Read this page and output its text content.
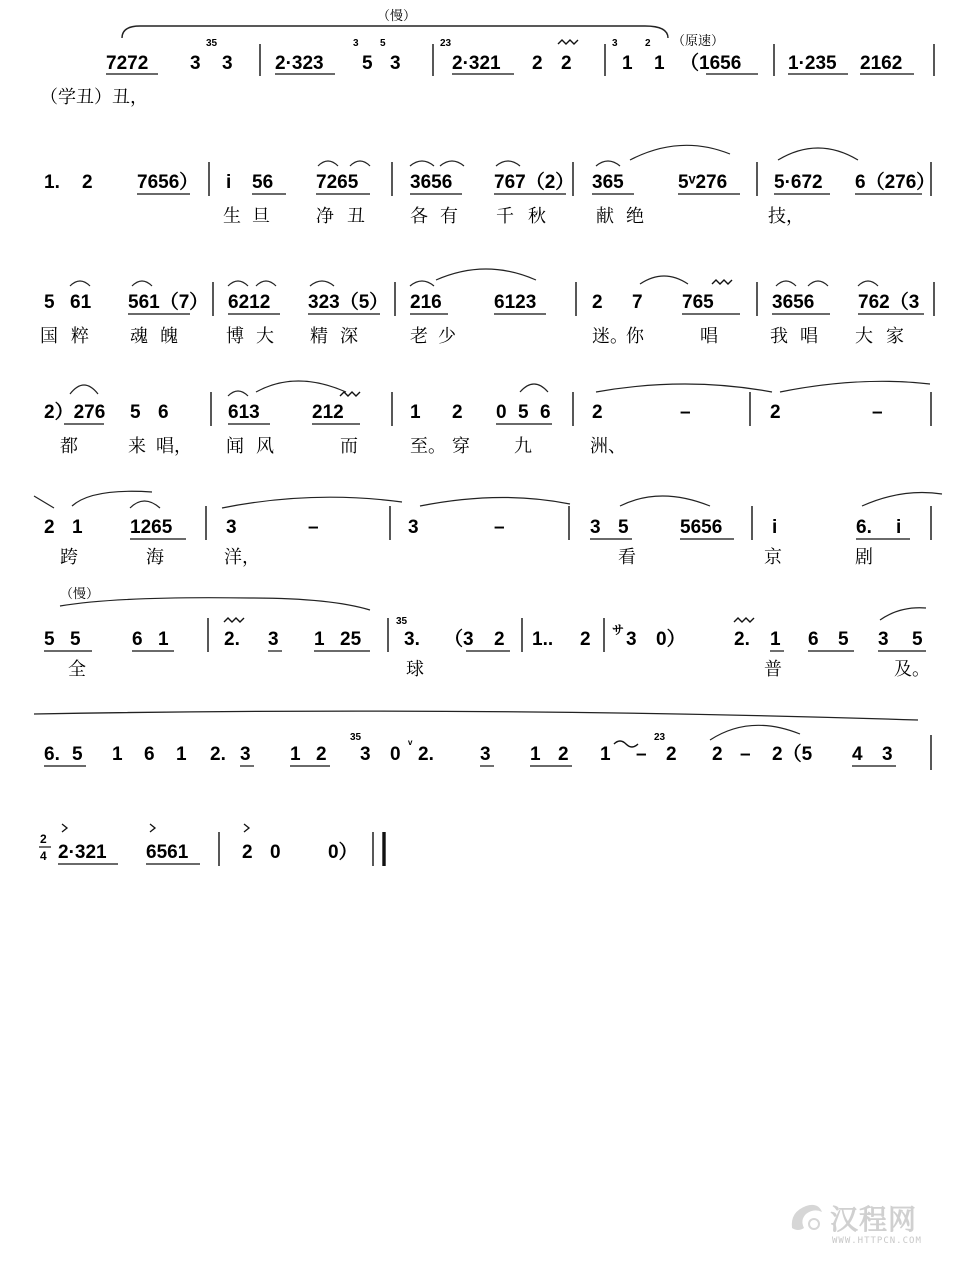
（慢）
7272
35
3 3 2·323
3
5
5
3
23
2·321 2 2
3
1
2
1
（原速）
（1656 1·235 2162
（学丑）丑，
1. 2 7656） i 56 7265	3656 767（2） 365	5ᵛ276 5·672 6（276）
生 旦	净 丑	各 有 千 秋	献 绝	技，
5 61 561（7） 6212 323（5） 216	6123	2 7 765	3656 762（3
国 粹 魂 魄	博 大 精 深	老 少	迷。
你	唱	我 唱 大 家
2）276 5 6	613	212	1 2 0 5 6 2	–	2	–
都	来 唱， 闻 风	而	至。 穿 九	洲、
2 1 1265	3	–	3	–	3 5	5656	i	6. i
跨	海	洋，	看	京	剧
（慢）
5 5	6 1	2. 3 1 25
35
3. （3 2 1.. 2 サ 3 0）	2. 1 6 5 3 5
全	球	普	及。
6. 5 1 6 1 2. 3 1 2
35
3 0 ᵛ 2. 3 1 2 1 –
23
2 2 – 2（5 4 3
2
4 2·321 6561	2 0 0）
汉程网
WWW.HTTPCN.COM
